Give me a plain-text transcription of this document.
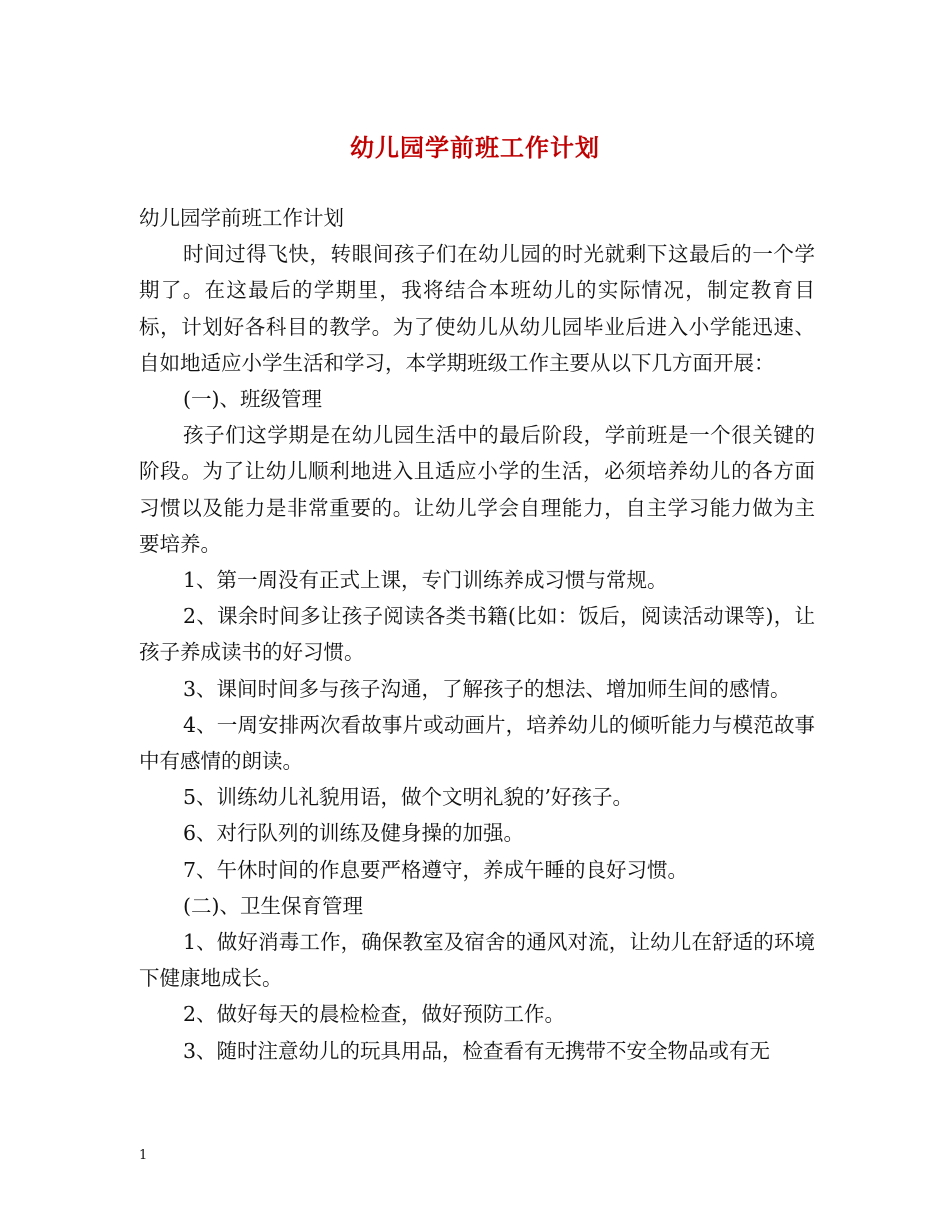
幼儿园学前班工作计划

幼儿园学前班工作计划

时间过得飞快，转眼间孩子们在幼儿园的时光就剩下这最后的一个学期了。在这最后的学期里，我将结合本班幼儿的实际情况，制定教育目标，计划好各科目的教学。为了使幼儿从幼儿园毕业后进入小学能迅速、自如地适应小学生活和学习，本学期班级工作主要从以下几方面开展：

(一)、班级管理

孩子们这学期是在幼儿园生活中的最后阶段，学前班是一个很关键的阶段。为了让幼儿顺利地进入且适应小学的生活，必须培养幼儿的各方面习惯以及能力是非常重要的。让幼儿学会自理能力，自主学习能力做为主要培养。

1、第一周没有正式上课，专门训练养成习惯与常规。

2、课余时间多让孩子阅读各类书籍(比如：饭后，阅读活动课等)，让孩子养成读书的好习惯。

3、课间时间多与孩子沟通，了解孩子的想法、增加师生间的感情。

4、一周安排两次看故事片或动画片，培养幼儿的倾听能力与模范故事中有感情的朗读。

5、训练幼儿礼貌用语，做个文明礼貌的’好孩子。

6、对行队列的训练及健身操的加强。

7、午休时间的作息要严格遵守，养成午睡的良好习惯。

(二)、卫生保育管理

1、做好消毒工作，确保教室及宿舍的通风对流，让幼儿在舒适的环境下健康地成长。

2、做好每天的晨检检查，做好预防工作。

3、随时注意幼儿的玩具用品，检查看有无携带不安全物品或有无

1
